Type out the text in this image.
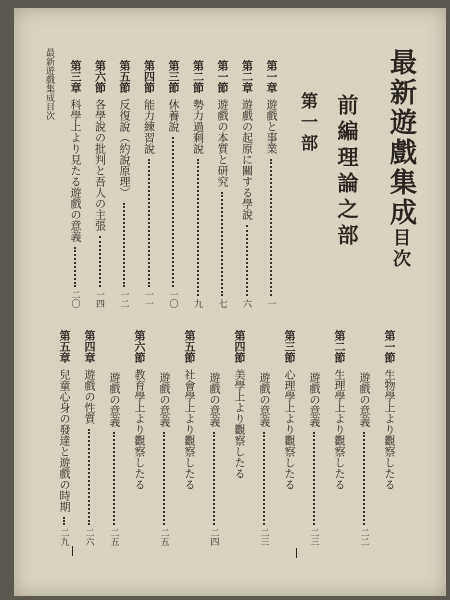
最新遊戲集成目次
前編理論之部
第一部
第一章
遊戲と事業
一
第二章
遊戲の起原に關する學說
六
第一節
遊戲の本質と研究
七
第二節
勢力過剩說
九
第三節
休養說
一〇
第四節
能力練習說
一一
第五節
反復說（約說原理）
一二
第六節
各學說の批判と吾人の主張
一四
第三章
科學上より見たる遊戲の意義
二〇
第一節
生物學上より觀察したる
遊戲の意義
二二
第二節
生理學上より觀察したる
遊戲の意義
二三
第三節
心理學上より觀察したる
遊戲の意義
二三
第四節
美學上より觀察したる
遊戲の意義
二四
第五節
社會學上より觀察したる
遊戲の意義
二五
第六節
教育學上より觀察したる
遊戲の意義
二五
第四章
遊戲の性質
二六
第五章
兒童心身の發達と遊戲の時期
二九
最新遊戲集成目次
